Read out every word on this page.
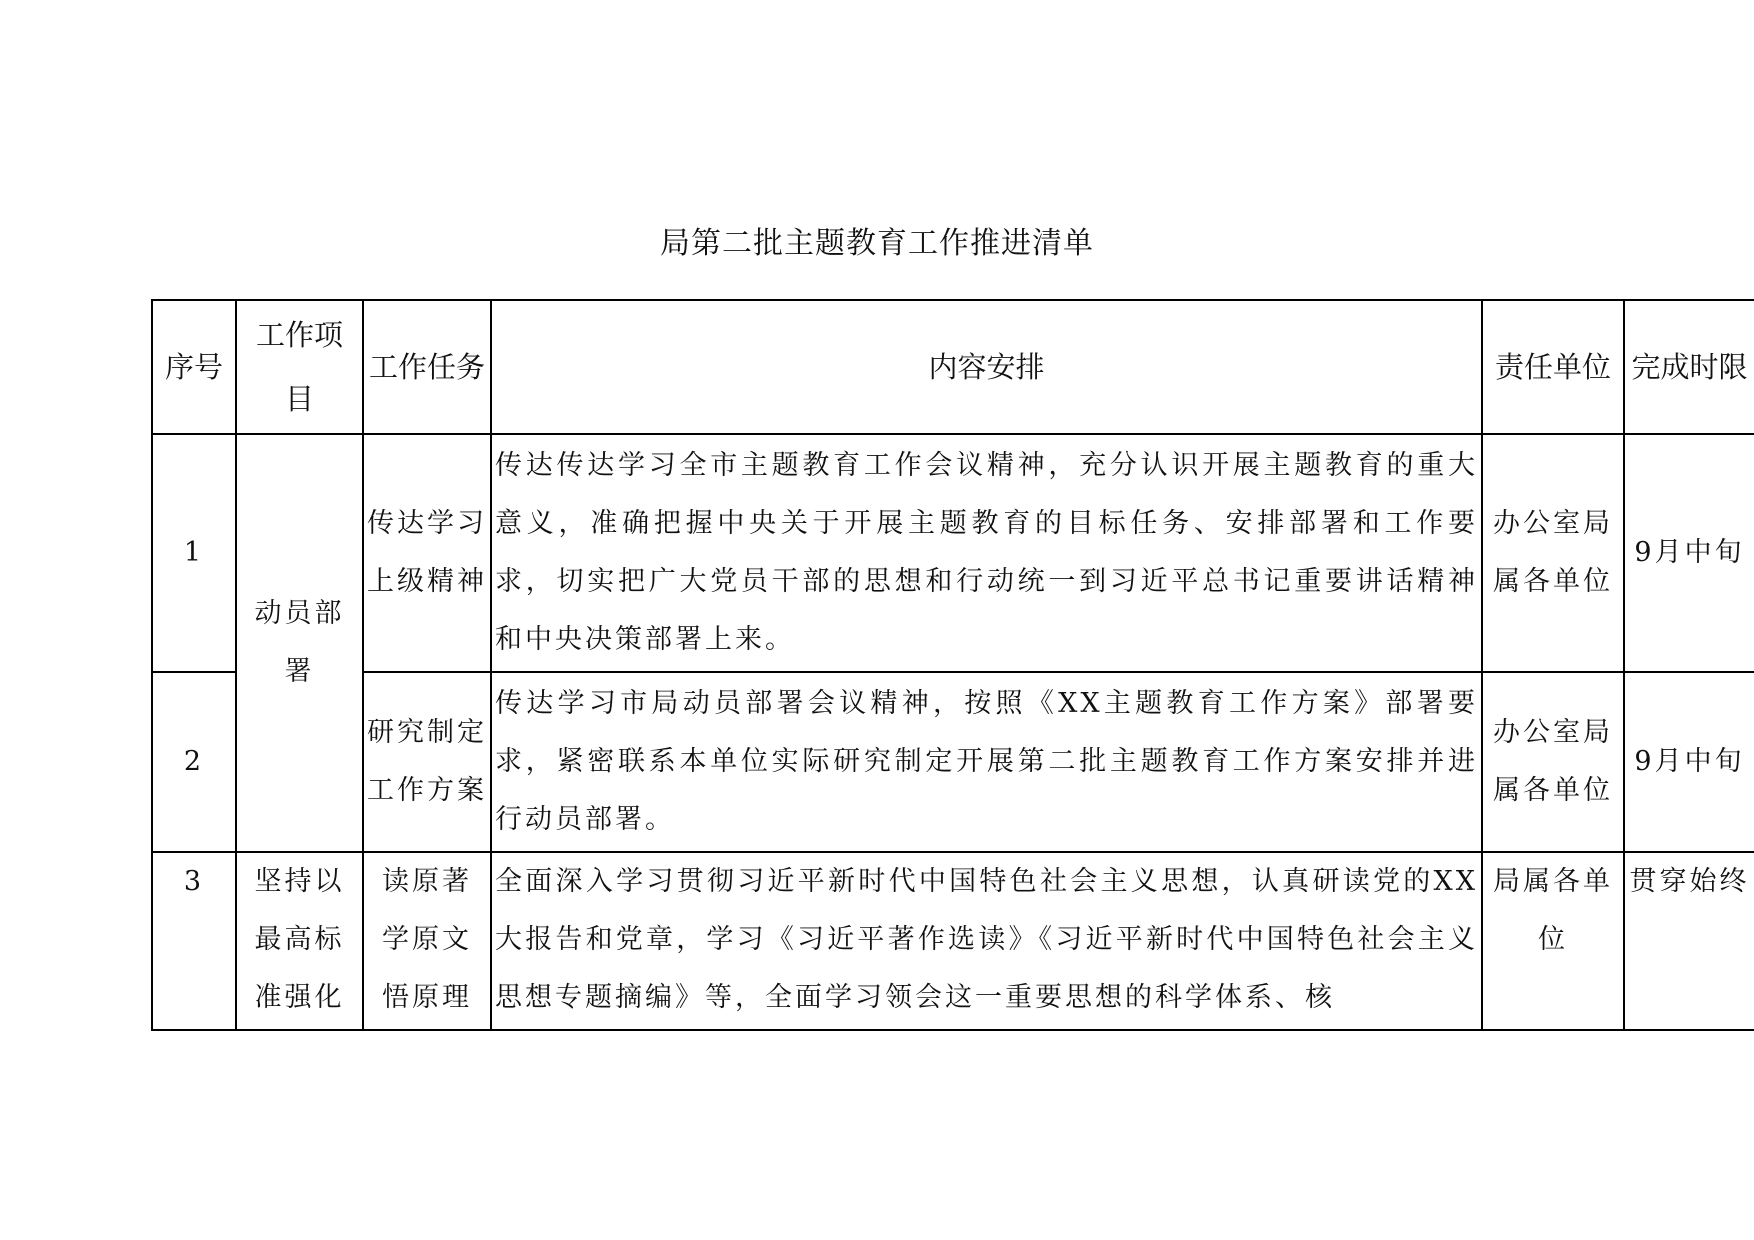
局第二批主题教育工作推进清单
序号	工作项目	工作任务	内容安排	责任单位	完成时限
1	动员部署	传达学习上级精神	传达传达学习全市主题教育工作会议精神，充分认识开展主题教育的重大意义，准确把握中央关于开展主题教育的目标任务、安排部署和工作要求，切实把广大党员干部的思想和行动统一到习近平总书记重要讲话精神和中央决策部署上来。	办公室局属各单位	9月中旬
2		研究制定工作方案	传达学习市局动员部署会议精神，按照《XX主题教育工作方案》部署要求，紧密联系本单位实际研究制定开展第二批主题教育工作方案安排并进行动员部署。	办公室局属各单位	9月中旬
3	坚持以最高标准强化	读原著学原文悟原理	全面深入学习贯彻习近平新时代中国特色社会主义思想，认真研读党的XX大报告和党章，学习《习近平著作选读》《习近平新时代中国特色社会主义思想专题摘编》等，全面学习领会这一重要思想的科学体系、核	局属各单位	贯穿始终
